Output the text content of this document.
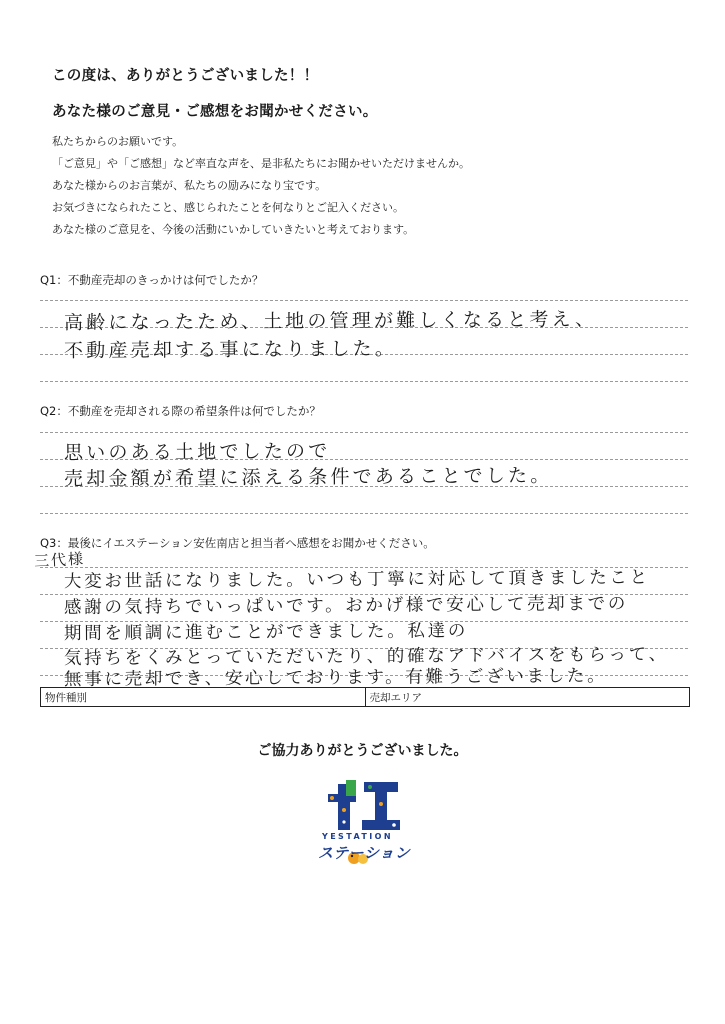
この度は、ありがとうございました！！
あなた様のご意見・ご感想をお聞かせください。
私たちからのお願いです。
「ご意見」や「ご感想」など率直な声を、是非私たちにお聞かせいただけませんか。
あなた様からのお言葉が、私たちの励みになり宝です。
お気づきになられたこと、感じられたことを何なりとご記入ください。
あなた様のご意見を、今後の活動にいかしていきたいと考えております。
Q1：不動産売却のきっかけは何でしたか？
高齢になったため、土地の管理が難しくなると考え、
不動産売却する事になりました。
Q2：不動産を売却される際の希望条件は何でしたか？
思いのある土地でしたので
売却金額が希望に添える条件であることでした。
Q3：最後にイエステーション安佐南店と担当者へ感想をお聞かせください。
三代様
大変お世話になりました。いつも丁寧に対応して頂きましたこと
感謝の気持ちでいっぱいです。おかげ様で安心して売却までの
期間を順調に進むことができました。私達の
気持ちをくみとっていただいたり、的確なアドバイスをもらって、
無事に売却でき、安心しております。有難うございました。
物件種別	売却エリア
ご協力ありがとうございました。
YESTATION
ステーション
